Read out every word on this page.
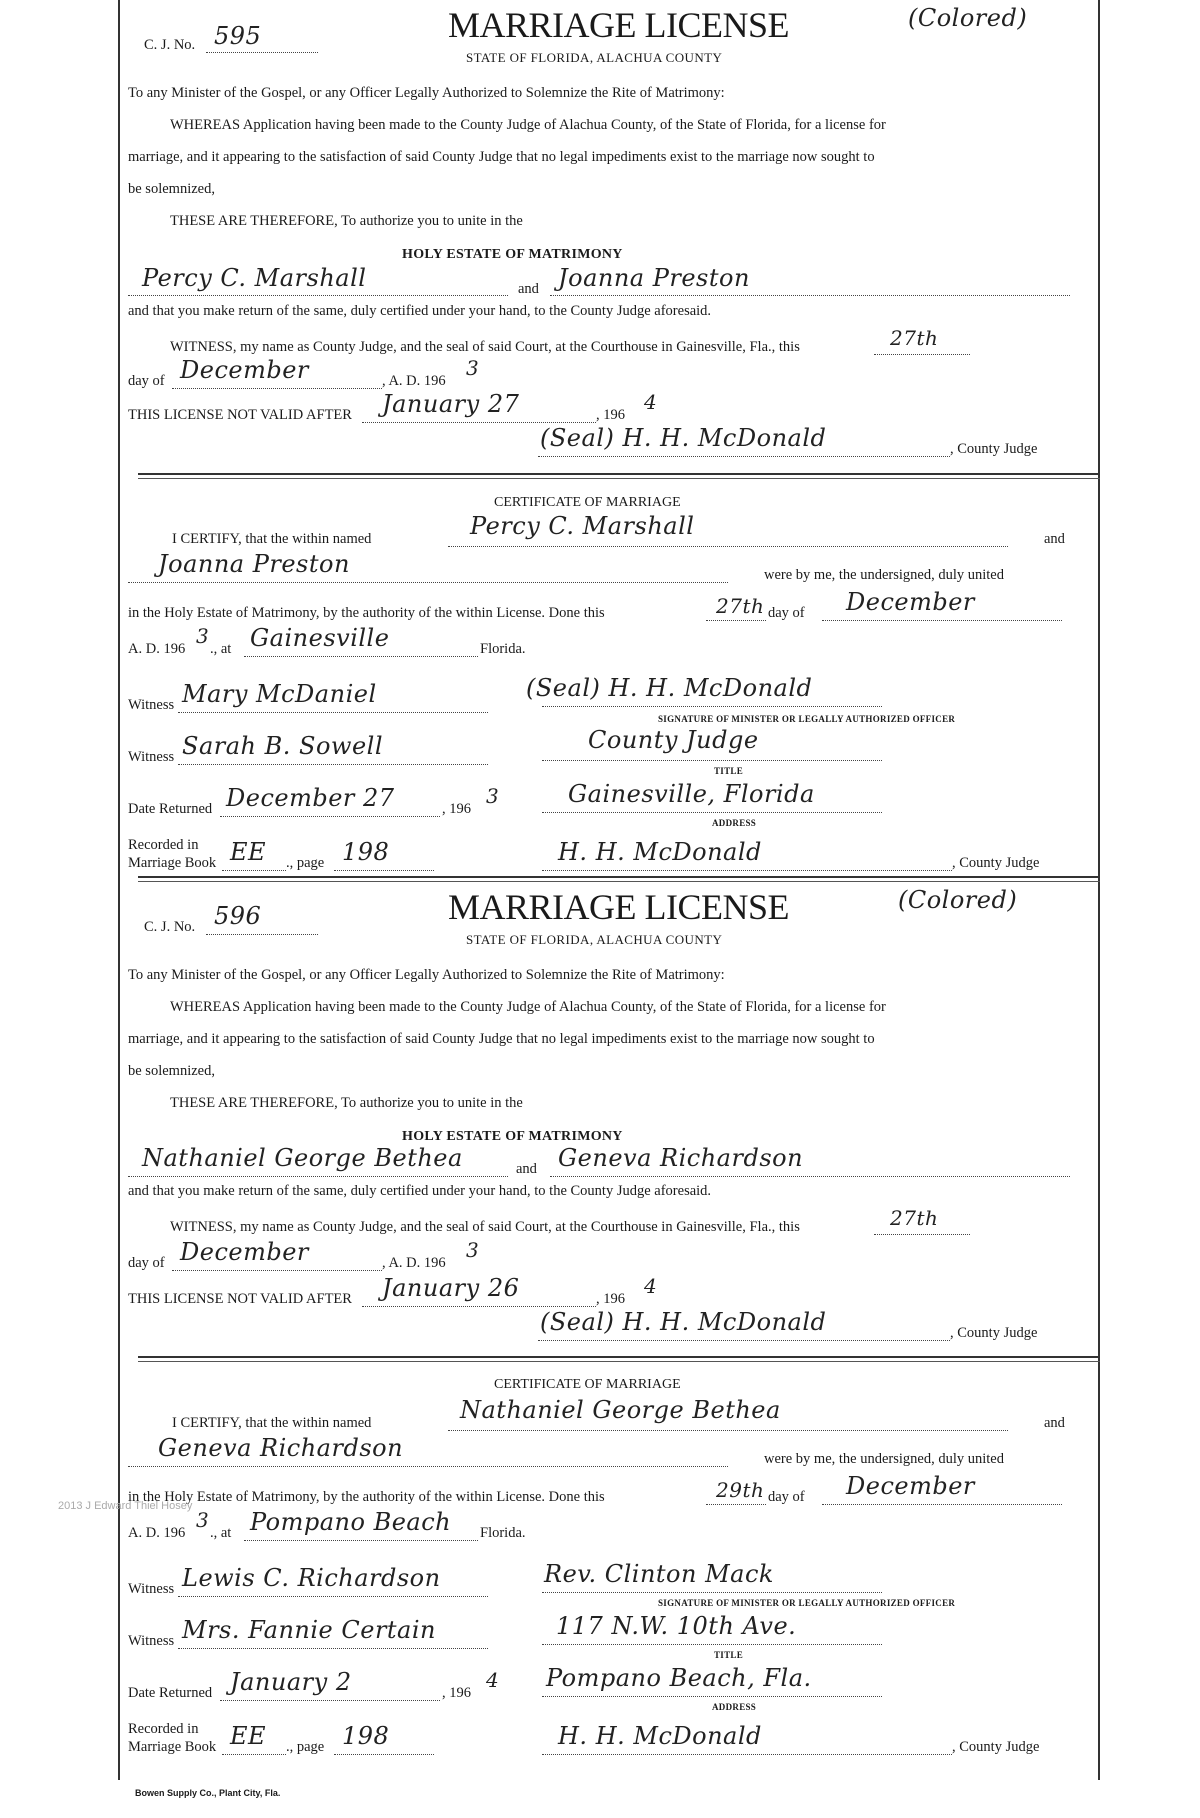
C. J. No. 595	MARRIAGE LICENSE	(Colored)
STATE OF FLORIDA, ALACHUA COUNTY
To any Minister of the Gospel, or any Officer Legally Authorized to Solemnize the Rite of Matrimony:
WHEREAS Application having been made to the County Judge of Alachua County, of the State of Florida, for a license for
marriage, and it appearing to the satisfaction of said County Judge that no legal impediments exist to the marriage now sought to
be solemnized,
THESE ARE THEREFORE, To authorize you to unite in the
HOLY ESTATE OF MATRIMONY
Percy C. Marshall	and Joanna Preston
and that you make return of the same, duly certified under your hand, to the County Judge aforesaid.
WITNESS, my name as County Judge, and the seal of said Court, at the Courthouse in Gainesville, Fla., this	27th
day of December	, A. D. 196
3
THIS LICENSE NOT VALID AFTER January 27	, 196
4
(Seal) H. H. McDonald	, County Judge
CERTIFICATE OF MARRIAGE
I CERTIFY, that the within named	Percy C. Marshall	and
Joanna Preston	were by me, the undersigned, duly united
in the Holy Estate of Matrimony, by the authority of the within License. Done this	27th day of December
A. D. 196
3
., at Gainesville	Florida.
Witness Mary McDaniel	(Seal) H. H. McDonald
SIGNATURE OF MINISTER OR LEGALLY AUTHORIZED OFFICER
Witness Sarah B. Sowell	County Judge
TITLE
Date Returned December 27	, 196
3	Gainesville, Florida
ADDRESS
Recorded in
Marriage Book EE ., page 198	H. H. McDonald	, County Judge
C. J. No. 596	MARRIAGE LICENSE	(Colored)
STATE OF FLORIDA, ALACHUA COUNTY
To any Minister of the Gospel, or any Officer Legally Authorized to Solemnize the Rite of Matrimony:
WHEREAS Application having been made to the County Judge of Alachua County, of the State of Florida, for a license for
marriage, and it appearing to the satisfaction of said County Judge that no legal impediments exist to the marriage now sought to
be solemnized,
THESE ARE THEREFORE, To authorize you to unite in the
HOLY ESTATE OF MATRIMONY
Nathaniel George Bethea	and Geneva Richardson
and that you make return of the same, duly certified under your hand, to the County Judge aforesaid.
WITNESS, my name as County Judge, and the seal of said Court, at the Courthouse in Gainesville, Fla., this	27th
day of December	, A. D. 196
3
THIS LICENSE NOT VALID AFTER January 26	, 196
4
(Seal) H. H. McDonald	, County Judge
CERTIFICATE OF MARRIAGE
I CERTIFY, that the within named	Nathaniel George Bethea	and
Geneva Richardson	were by me, the undersigned, duly united
in the Holy Estate of Matrimony, by the authority of the within License. Done this	29th day of December
A. D. 196
3
., at Pompano Beach Florida.
Witness Lewis C. Richardson	Rev. Clinton Mack
SIGNATURE OF MINISTER OR LEGALLY AUTHORIZED OFFICER
Witness Mrs. Fannie Certain	117 N.W. 10th Ave.
TITLE
Date Returned January 2	, 196
4 Pompano Beach, Fla.
ADDRESS
Recorded in
Marriage Book EE ., page 198	H. H. McDonald	, County Judge
2013 J Edward Thiel Hosey
Bowen Supply Co., Plant City, Fla.
